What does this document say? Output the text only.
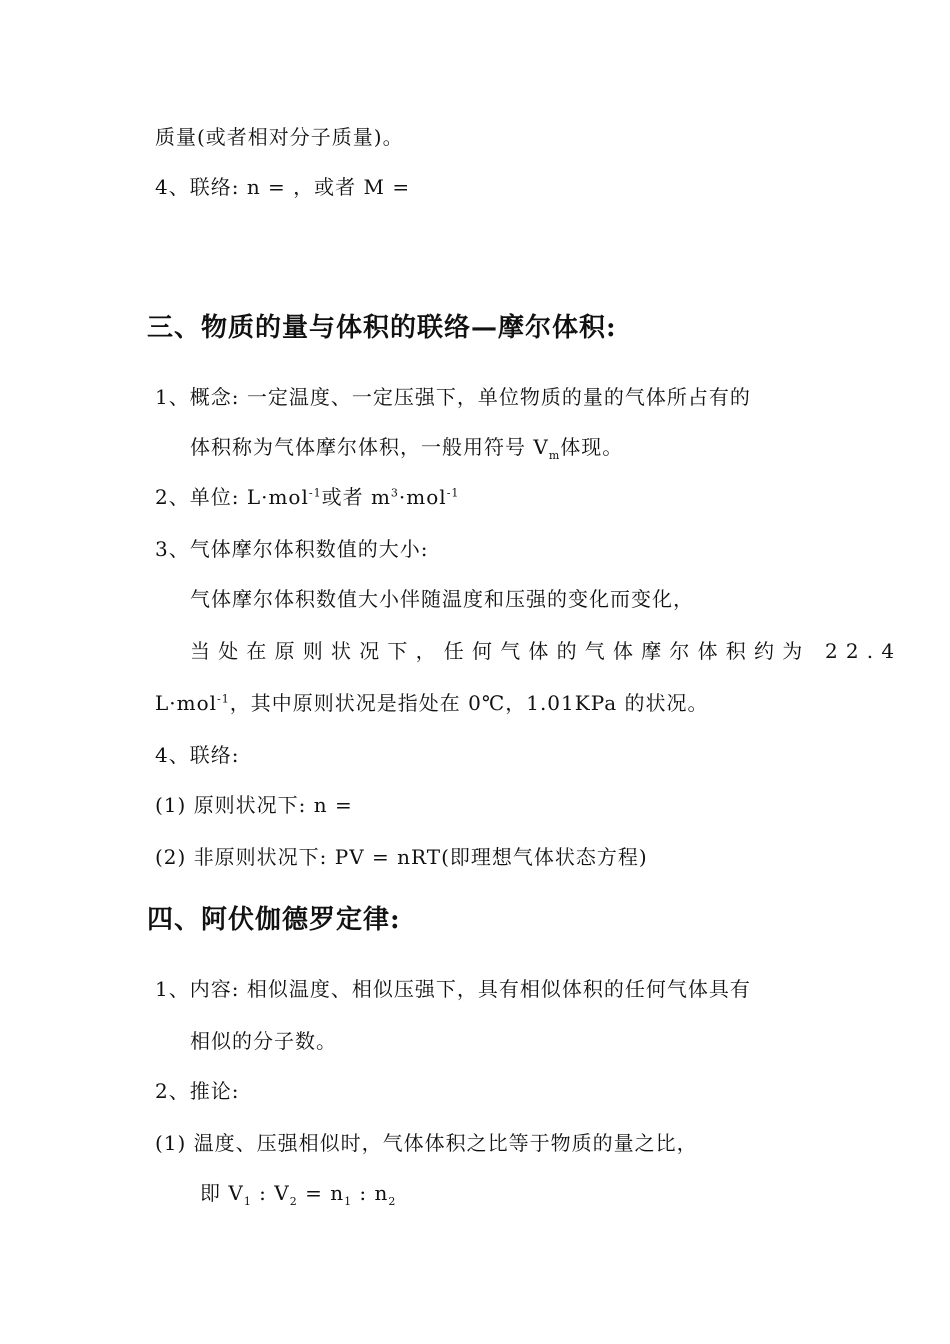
质量(或者相对分子质量)。
4、联络: n = ，或者 M =
三、物质的量与体积的联络—摩尔体积:
1、概念: 一定温度、一定压强下，单位物质的量的气体所占有的
体积称为气体摩尔体积，一般用符号 $V_m$体现。
2、单位: L·mol$^{-1}$或者 $m^3\cdot mol^{-1}$
3、气体摩尔体积数值的大小:
气体摩尔体积数值大小伴随温度和压强的变化而变化，
当处在原则状况下，任何气体的气体摩尔体积约为 22.4
L·mol$^{-1}$，其中原则状况是指处在 0℃，1.01KPa 的状况。
4、联络:
(1) 原则状况下: n =
(2) 非原则状况下: PV = nRT(即理想气体状态方程)
四、阿伏伽德罗定律:
1、内容: 相似温度、相似压强下，具有相似体积的任何气体具有
相似的分子数。
2、推论:
(1) 温度、压强相似时，气体体积之比等于物质的量之比，
即 $V_1$ : $V_2 = n_1$ : $n_2$
